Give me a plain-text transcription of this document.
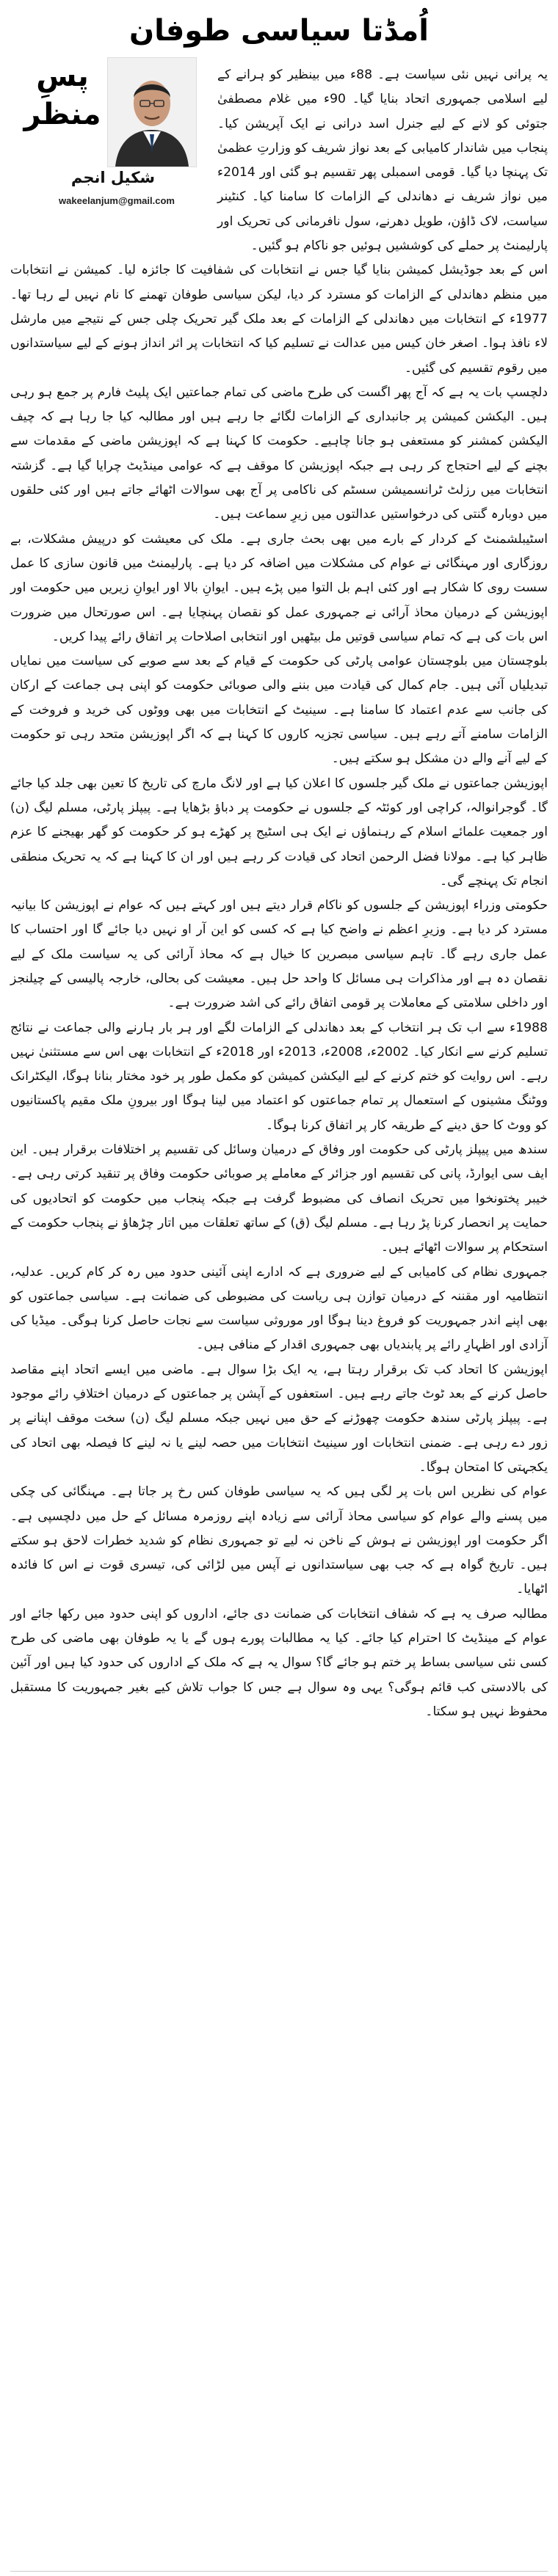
اُمڈتا سیاسی طوفان

یہ پرانی نہیں نئی سیاست ہے۔ 88ء میں بینظیر کو ہرانے کے لیے اسلامی جمہوری اتحاد بنایا گیا۔ 90ء میں غلام مصطفیٰ جتوئی کو لانے کے لیے جنرل اسد درانی نے ایک آپریشن کیا۔ پنجاب میں شاندار کامیابی کے بعد نواز شریف کو وزارتِ عظمیٰ تک پہنچا دیا گیا۔ قومی اسمبلی پھر تقسیم ہو گئی اور 2014ء میں نواز شریف نے دھاندلی کے الزامات کا سامنا کیا۔ کنٹینر سیاست، لاک ڈاؤن، طویل دھرنے، سول نافرمانی کی تحریک اور پارلیمنٹ پر حملے کی کوششیں ہوئیں جو ناکام ہو گئیں۔

اس کے بعد جوڈیشل کمیشن بنایا گیا جس نے انتخابات کی شفافیت کا جائزہ لیا۔ کمیشن نے انتخابات میں منظم دھاندلی کے الزامات کو مسترد کر دیا، لیکن سیاسی طوفان تھمنے کا نام نہیں لے رہا تھا۔ 1977ء کے انتخابات میں دھاندلی کے الزامات کے بعد ملک گیر تحریک چلی جس کے نتیجے میں مارشل لاء نافذ ہوا۔ اصغر خان کیس میں عدالت نے تسلیم کیا کہ انتخابات پر اثر انداز ہونے کے لیے سیاستدانوں میں رقوم تقسیم کی گئیں۔

دلچسپ بات یہ ہے کہ آج پھر اگست کی طرح ماضی کی تمام جماعتیں ایک پلیٹ فارم پر جمع ہو رہی ہیں۔ الیکشن کمیشن پر جانبداری کے الزامات لگائے جا رہے ہیں اور مطالبہ کیا جا رہا ہے کہ چیف الیکشن کمشنر کو مستعفی ہو جانا چاہیے۔ حکومت کا کہنا ہے کہ اپوزیشن ماضی کے مقدمات سے بچنے کے لیے احتجاج کر رہی ہے جبکہ اپوزیشن کا موقف ہے کہ عوامی مینڈیٹ چرایا گیا ہے۔ گزشتہ انتخابات میں رزلٹ ٹرانسمیشن سسٹم کی ناکامی پر آج بھی سوالات اٹھائے جاتے ہیں اور کئی حلقوں میں دوبارہ گنتی کی درخواستیں عدالتوں میں زیرِ سماعت ہیں۔

اسٹیبلشمنٹ کے کردار کے بارے میں بھی بحث جاری ہے۔ ملک کی معیشت کو درپیش مشکلات، بے روزگاری اور مہنگائی نے عوام کی مشکلات میں اضافہ کر دیا ہے۔ پارلیمنٹ میں قانون سازی کا عمل سست روی کا شکار ہے اور کئی اہم بل التوا میں پڑے ہیں۔ ایوانِ بالا اور ایوانِ زیریں میں حکومت اور اپوزیشن کے درمیان محاذ آرائی نے جمہوری عمل کو نقصان پہنچایا ہے۔ اس صورتحال میں ضرورت اس بات کی ہے کہ تمام سیاسی قوتیں مل بیٹھیں اور انتخابی اصلاحات پر اتفاق رائے پیدا کریں۔

بلوچستان میں بلوچستان عوامی پارٹی کی حکومت کے قیام کے بعد سے صوبے کی سیاست میں نمایاں تبدیلیاں آئی ہیں۔ جام کمال کی قیادت میں بننے والی صوبائی حکومت کو اپنی ہی جماعت کے ارکان کی جانب سے عدم اعتماد کا سامنا ہے۔ سینیٹ کے انتخابات میں بھی ووٹوں کی خرید و فروخت کے الزامات سامنے آتے رہے ہیں۔ سیاسی تجزیہ کاروں کا کہنا ہے کہ اگر اپوزیشن متحد رہی تو حکومت کے لیے آنے والے دن مشکل ہو سکتے ہیں۔

اپوزیشن جماعتوں نے ملک گیر جلسوں کا اعلان کیا ہے اور لانگ مارچ کی تاریخ کا تعین بھی جلد کیا جائے گا۔ گوجرانوالہ، کراچی اور کوئٹہ کے جلسوں نے حکومت پر دباؤ بڑھایا ہے۔ پیپلز پارٹی، مسلم لیگ (ن) اور جمعیت علمائے اسلام کے رہنماؤں نے ایک ہی اسٹیج پر کھڑے ہو کر حکومت کو گھر بھیجنے کا عزم ظاہر کیا ہے۔ مولانا فضل الرحمن اتحاد کی قیادت کر رہے ہیں اور ان کا کہنا ہے کہ یہ تحریک منطقی انجام تک پہنچے گی۔

حکومتی وزراء اپوزیشن کے جلسوں کو ناکام قرار دیتے ہیں اور کہتے ہیں کہ عوام نے اپوزیشن کا بیانیہ مسترد کر دیا ہے۔ وزیرِ اعظم نے واضح کیا ہے کہ کسی کو این آر او نہیں دیا جائے گا اور احتساب کا عمل جاری رہے گا۔ تاہم سیاسی مبصرین کا خیال ہے کہ محاذ آرائی کی یہ سیاست ملک کے لیے نقصان دہ ہے اور مذاکرات ہی مسائل کا واحد حل ہیں۔ معیشت کی بحالی، خارجہ پالیسی کے چیلنجز اور داخلی سلامتی کے معاملات پر قومی اتفاق رائے کی اشد ضرورت ہے۔

1988ء سے اب تک ہر انتخاب کے بعد دھاندلی کے الزامات لگے اور ہر بار ہارنے والی جماعت نے نتائج تسلیم کرنے سے انکار کیا۔ 2002ء، 2008ء، 2013ء اور 2018ء کے انتخابات بھی اس سے مستثنیٰ نہیں رہے۔ اس روایت کو ختم کرنے کے لیے الیکشن کمیشن کو مکمل طور پر خود مختار بنانا ہوگا، الیکٹرانک ووٹنگ مشینوں کے استعمال پر تمام جماعتوں کو اعتماد میں لینا ہوگا اور بیرونِ ملک مقیم پاکستانیوں کو ووٹ کا حق دینے کے طریقہ کار پر اتفاق کرنا ہوگا۔

سندھ میں پیپلز پارٹی کی حکومت اور وفاق کے درمیان وسائل کی تقسیم پر اختلافات برقرار ہیں۔ این ایف سی ایوارڈ، پانی کی تقسیم اور جزائر کے معاملے پر صوبائی حکومت وفاق پر تنقید کرتی رہی ہے۔ خیبر پختونخوا میں تحریک انصاف کی مضبوط گرفت ہے جبکہ پنجاب میں حکومت کو اتحادیوں کی حمایت پر انحصار کرنا پڑ رہا ہے۔ مسلم لیگ (ق) کے ساتھ تعلقات میں اتار چڑھاؤ نے پنجاب حکومت کے استحکام پر سوالات اٹھائے ہیں۔

جمہوری نظام کی کامیابی کے لیے ضروری ہے کہ ادارے اپنی آئینی حدود میں رہ کر کام کریں۔ عدلیہ، انتظامیہ اور مقننہ کے درمیان توازن ہی ریاست کی مضبوطی کی ضمانت ہے۔ سیاسی جماعتوں کو بھی اپنے اندر جمہوریت کو فروغ دینا ہوگا اور موروثی سیاست سے نجات حاصل کرنا ہوگی۔ میڈیا کی آزادی اور اظہارِ رائے پر پابندیاں بھی جمہوری اقدار کے منافی ہیں۔

اپوزیشن کا اتحاد کب تک برقرار رہتا ہے، یہ ایک بڑا سوال ہے۔ ماضی میں ایسے اتحاد اپنے مقاصد حاصل کرنے کے بعد ٹوٹ جاتے رہے ہیں۔ استعفوں کے آپشن پر جماعتوں کے درمیان اختلافِ رائے موجود ہے۔ پیپلز پارٹی سندھ حکومت چھوڑنے کے حق میں نہیں جبکہ مسلم لیگ (ن) سخت موقف اپنانے پر زور دے رہی ہے۔ ضمنی انتخابات اور سینیٹ انتخابات میں حصہ لینے یا نہ لینے کا فیصلہ بھی اتحاد کی یکجہتی کا امتحان ہوگا۔

عوام کی نظریں اس بات پر لگی ہیں کہ یہ سیاسی طوفان کس رخ پر جاتا ہے۔ مہنگائی کی چکی میں پسنے والے عوام کو سیاسی محاذ آرائی سے زیادہ اپنے روزمرہ مسائل کے حل میں دلچسپی ہے۔ اگر حکومت اور اپوزیشن نے ہوش کے ناخن نہ لیے تو جمہوری نظام کو شدید خطرات لاحق ہو سکتے ہیں۔ تاریخ گواہ ہے کہ جب بھی سیاستدانوں نے آپس میں لڑائی کی، تیسری قوت نے اس کا فائدہ اٹھایا۔

مطالبہ صرف یہ ہے کہ شفاف انتخابات کی ضمانت دی جائے، اداروں کو اپنی حدود میں رکھا جائے اور عوام کے مینڈیٹ کا احترام کیا جائے۔ کیا یہ مطالبات پورے ہوں گے یا یہ طوفان بھی ماضی کی طرح کسی نئی سیاسی بساط پر ختم ہو جائے گا؟ سوال یہ ہے کہ ملک کے اداروں کی حدود کیا ہیں اور آئین کی بالادستی کب قائم ہوگی؟ یہی وہ سوال ہے جس کا جواب تلاش کیے بغیر جمہوریت کا مستقبل محفوظ نہیں ہو سکتا۔

پسِ منظر
شکیل انجم
wakeelanjum@gmail.com
